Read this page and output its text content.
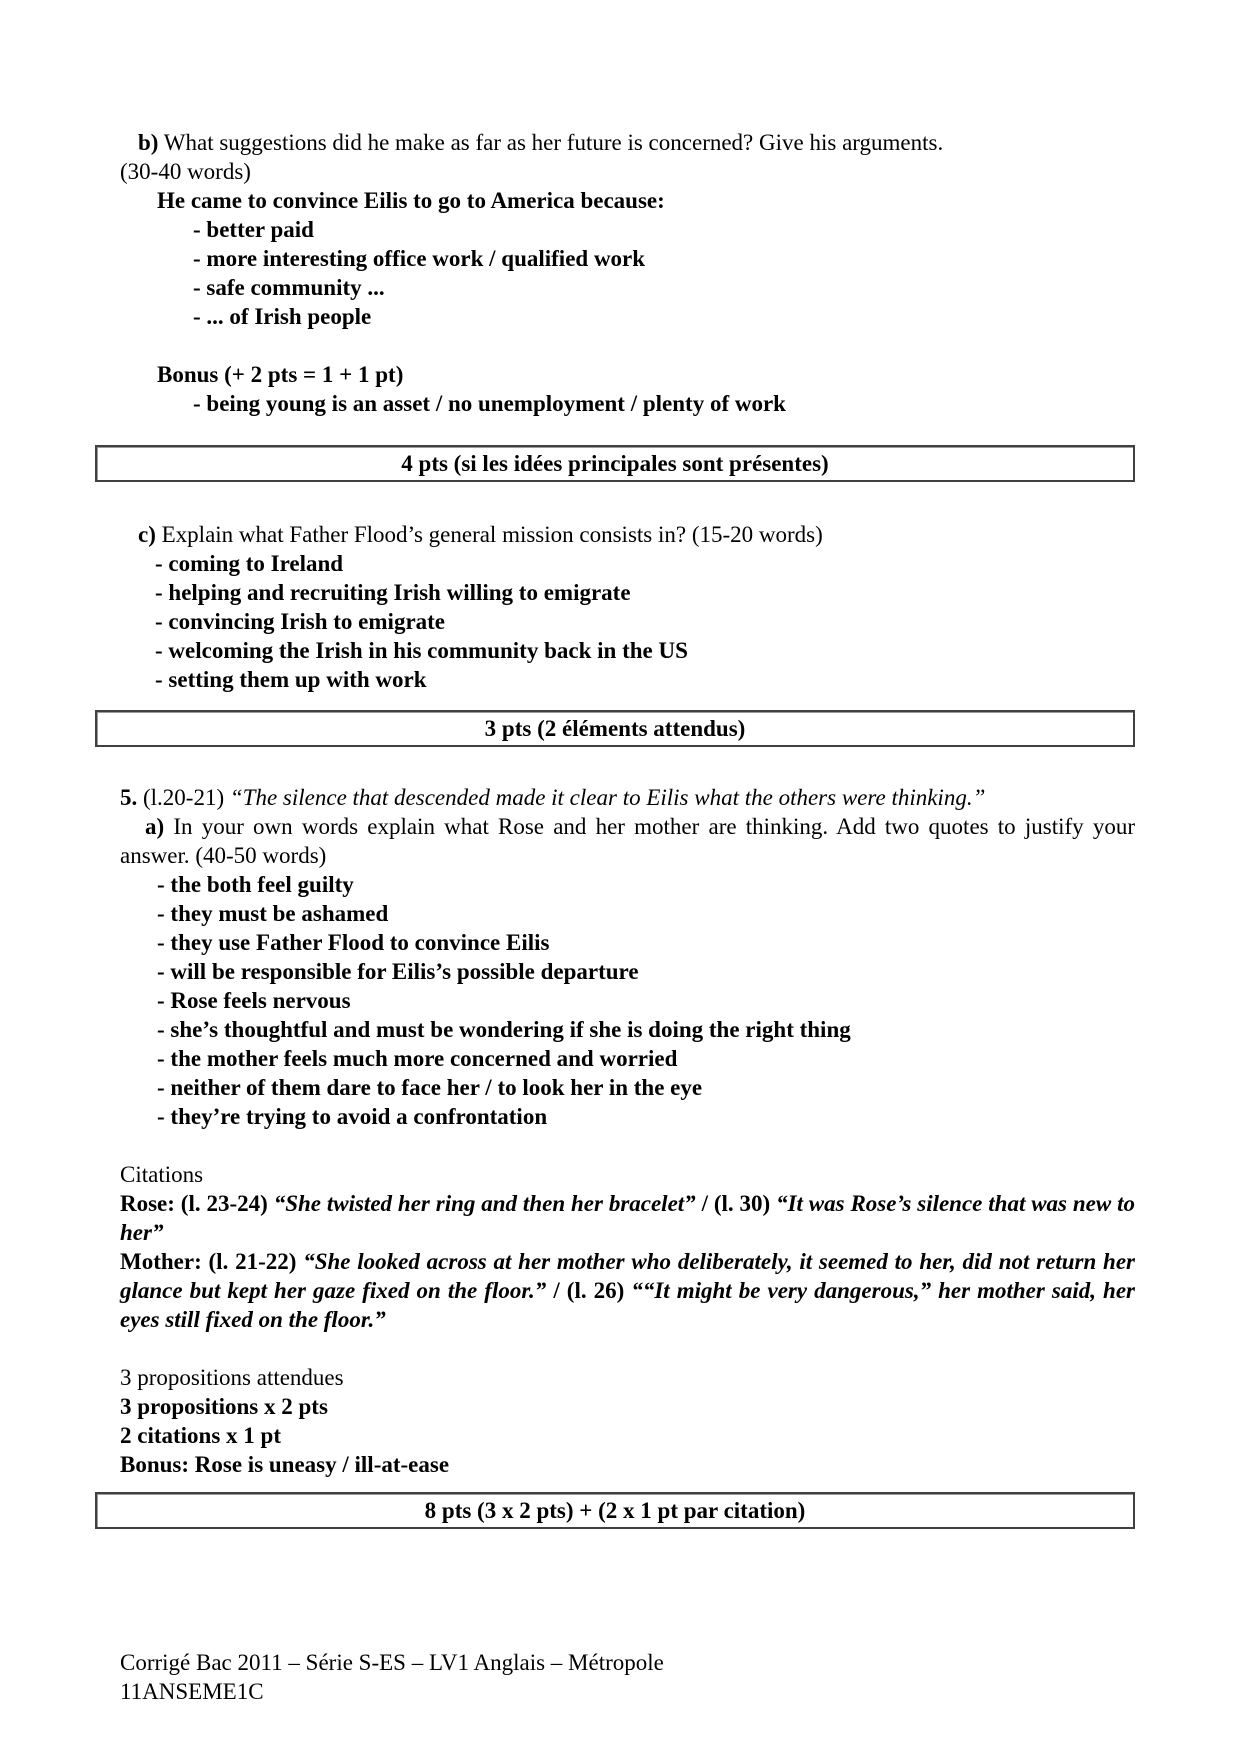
b) What suggestions did he make as far as her future is concerned? Give his arguments.
(30-40 words)
He came to convince Eilis to go to America because:
- better paid
- more interesting office work / qualified work
- safe community ...
- ... of Irish people
Bonus (+ 2 pts = 1 + 1 pt)
- being young is an asset / no unemployment / plenty of work
4 pts (si les idées principales sont présentes)
c) Explain what Father Flood’s general mission consists in? (15-20 words)
- coming to Ireland
- helping and recruiting Irish willing to emigrate
- convincing Irish to emigrate
- welcoming the Irish in his community back in the US
- setting them up with work
3 pts (2 éléments attendus)
5. (l.20-21) “The silence that descended made it clear to Eilis what the others were thinking.”
a) In your own words explain what Rose and her mother are thinking. Add two quotes to justify your answer. (40-50 words)
- the both feel guilty
- they must be ashamed
- they use Father Flood to convince Eilis
- will be responsible for Eilis’s possible departure
- Rose feels nervous
- she’s thoughtful and must be wondering if she is doing the right thing
- the mother feels much more concerned and worried
- neither of them dare to face her / to look her in the eye
- they’re trying to avoid a confrontation
Citations
Rose: (l. 23-24) “She twisted her ring and then her bracelet” / (l. 30) “It was Rose’s silence that was new to her”
Mother: (l. 21-22) “She looked across at her mother who deliberately, it seemed to her, did not return her glance but kept her gaze fixed on the floor.” / (l. 26) ““It might be very dangerous,” her mother said, her eyes still fixed on the floor.”
3 propositions attendues
3 propositions x 2 pts
2 citations x 1 pt
Bonus: Rose is uneasy / ill-at-ease
8 pts (3 x 2 pts) + (2 x 1 pt par citation)
Corrigé Bac 2011 – Série S-ES – LV1 Anglais – Métropole
11ANSEME1C
